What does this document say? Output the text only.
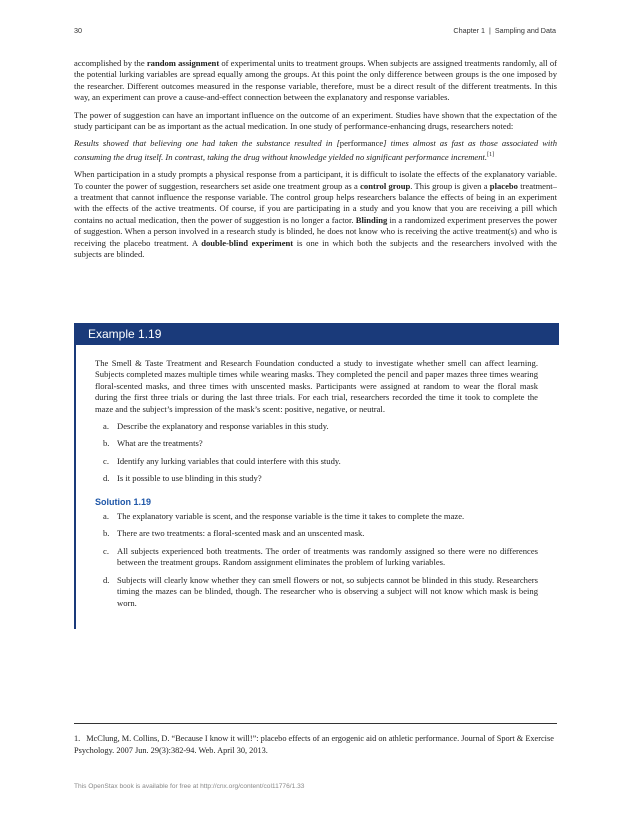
30	Chapter 1 | Sampling and Data

accomplished by the random assignment of experimental units to treatment groups. When subjects are assigned treatments randomly, all of the potential lurking variables are spread equally among the groups. At this point the only difference between groups is the one imposed by the researcher. Different outcomes measured in the response variable, therefore, must be a direct result of the different treatments. In this way, an experiment can prove a cause-and-effect connection between the explanatory and response variables.

The power of suggestion can have an important influence on the outcome of an experiment. Studies have shown that the expectation of the study participant can be as important as the actual medication. In one study of performance-enhancing drugs, researchers noted:

Results showed that believing one had taken the substance resulted in [performance] times almost as fast as those associated with consuming the drug itself. In contrast, taking the drug without knowledge yielded no significant performance increment.[1]

When participation in a study prompts a physical response from a participant, it is difficult to isolate the effects of the explanatory variable. To counter the power of suggestion, researchers set aside one treatment group as a control group. This group is given a placebo treatment–a treatment that cannot influence the response variable. The control group helps researchers balance the effects of being in an experiment with the effects of the active treatments. Of course, if you are participating in a study and you know that you are receiving a pill which contains no actual medication, then the power of suggestion is no longer a factor. Blinding in a randomized experiment preserves the power of suggestion. When a person involved in a research study is blinded, he does not know who is receiving the active treatment(s) and who is receiving the placebo treatment. A double-blind experiment is one in which both the subjects and the researchers involved with the subjects are blinded.

Example 1.19

The Smell & Taste Treatment and Research Foundation conducted a study to investigate whether smell can affect learning. Subjects completed mazes multiple times while wearing masks. They completed the pencil and paper mazes three times wearing floral-scented masks, and three times with unscented masks. Participants were assigned at random to wear the floral mask during the first three trials or during the last three trials. For each trial, researchers recorded the time it took to complete the maze and the subject’s impression of the mask’s scent: positive, negative, or neutral.

a. Describe the explanatory and response variables in this study.
b. What are the treatments?
c. Identify any lurking variables that could interfere with this study.
d. Is it possible to use blinding in this study?
Solution 1.19
a. The explanatory variable is scent, and the response variable is the time it takes to complete the maze.
b. There are two treatments: a floral-scented mask and an unscented mask.
c. All subjects experienced both treatments. The order of treatments was randomly assigned so there were no differences between the treatment groups. Random assignment eliminates the problem of lurking variables.
d. Subjects will clearly know whether they can smell flowers or not, so subjects cannot be blinded in this study. Researchers timing the mazes can be blinded, though. The researcher who is observing a subject will not know which mask is being worn.
1. McClung, M. Collins, D. “Because I know it will!”: placebo effects of an ergogenic aid on athletic performance. Journal of Sport & Exercise Psychology. 2007 Jun. 29(3):382-94. Web. April 30, 2013.
This OpenStax book is available for free at http://cnx.org/content/col11776/1.33
